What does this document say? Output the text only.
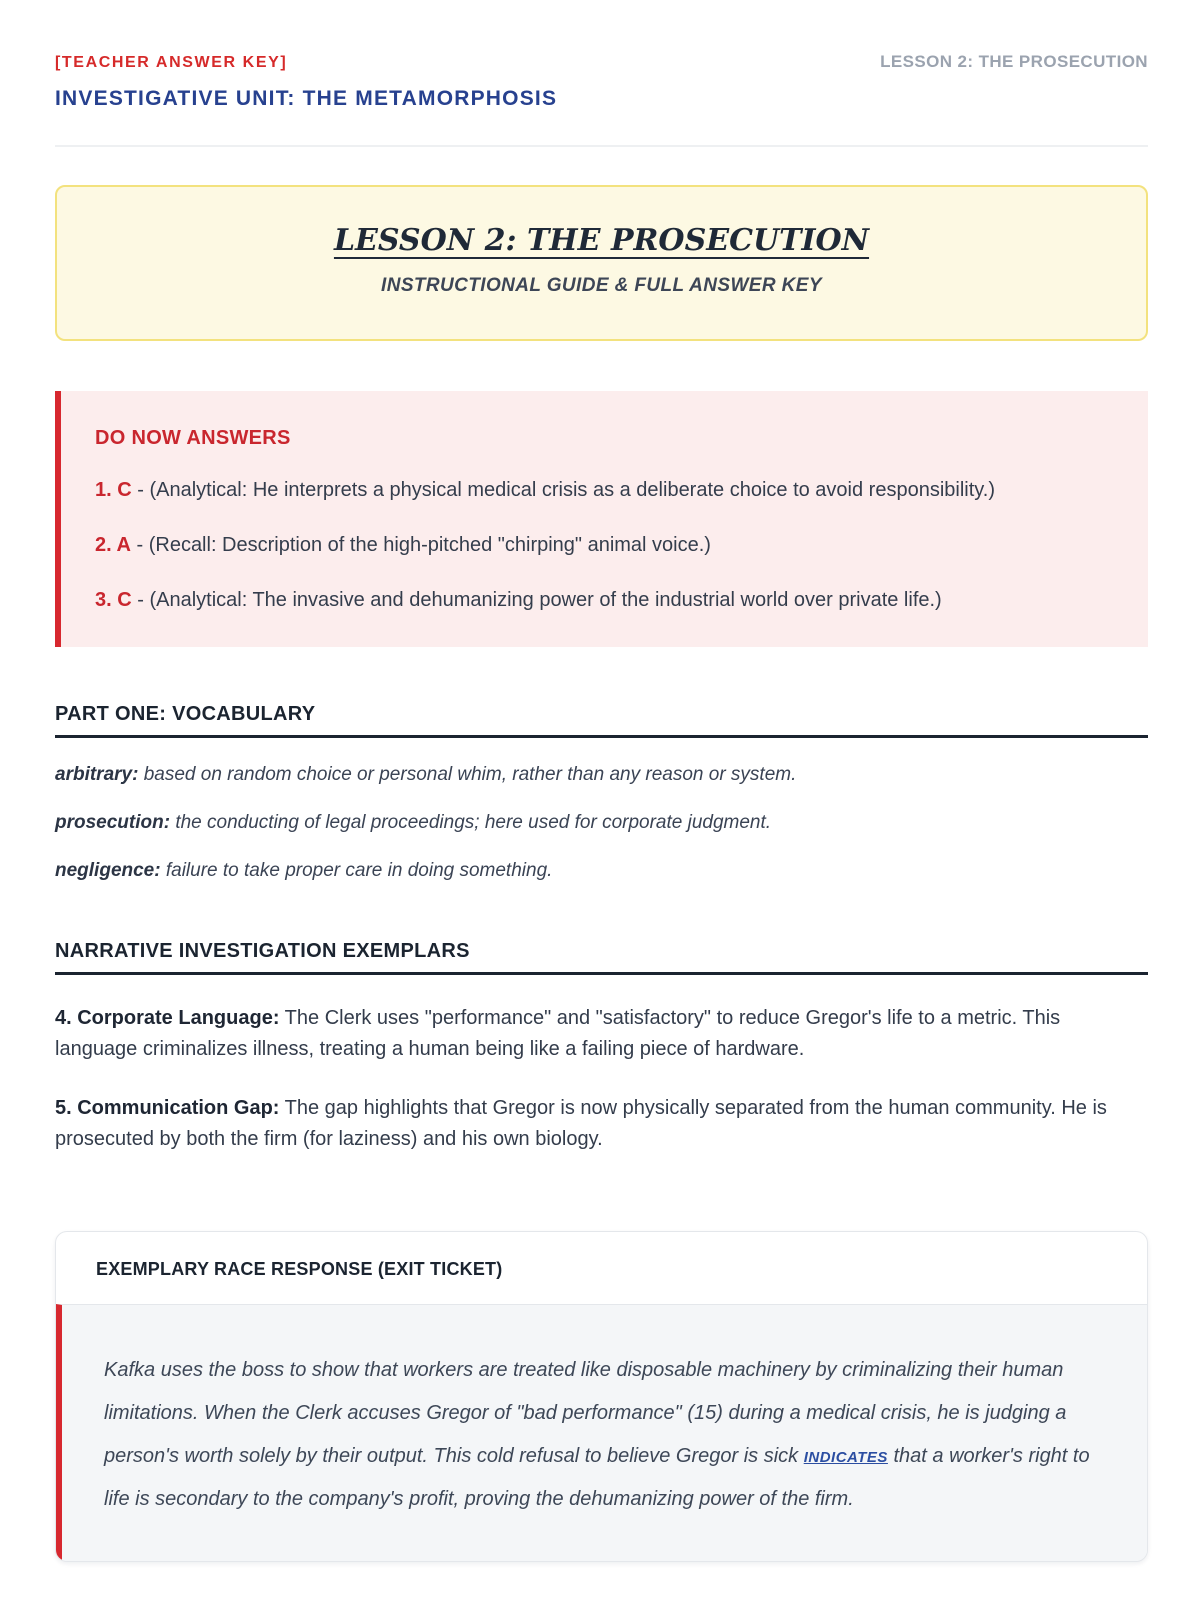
[TEACHER ANSWER KEY]	LESSON 2: THE PROSECUTION
INVESTIGATIVE UNIT: THE METAMORPHOSIS
LESSON 2: THE PROSECUTION
INSTRUCTIONAL GUIDE & FULL ANSWER KEY
DO NOW ANSWERS

1. C - (Analytical: He interprets a physical medical crisis as a deliberate choice to avoid responsibility.)

2. A - (Recall: Description of the high-pitched "chirping" animal voice.)

3. C - (Analytical: The invasive and dehumanizing power of the industrial world over private life.)

PART ONE: VOCABULARY

arbitrary: based on random choice or personal whim, rather than any reason or system.

prosecution: the conducting of legal proceedings; here used for corporate judgment.

negligence: failure to take proper care in doing something.

NARRATIVE INVESTIGATION EXEMPLARS

4. Corporate Language: The Clerk uses "performance" and "satisfactory" to reduce Gregor's life to a metric. This language criminalizes illness, treating a human being like a failing piece of hardware.

5. Communication Gap: The gap highlights that Gregor is now physically separated from the human community. He is prosecuted by both the firm (for laziness) and his own biology.

EXEMPLARY RACE RESPONSE (EXIT TICKET)

Kafka uses the boss to show that workers are treated like disposable machinery by criminalizing their human limitations. When the Clerk accuses Gregor of "bad performance" (15) during a medical crisis, he is judging a person's worth solely by their output. This cold refusal to believe Gregor is sick INDICATES that a worker's right to life is secondary to the company's profit, proving the dehumanizing power of the firm.
